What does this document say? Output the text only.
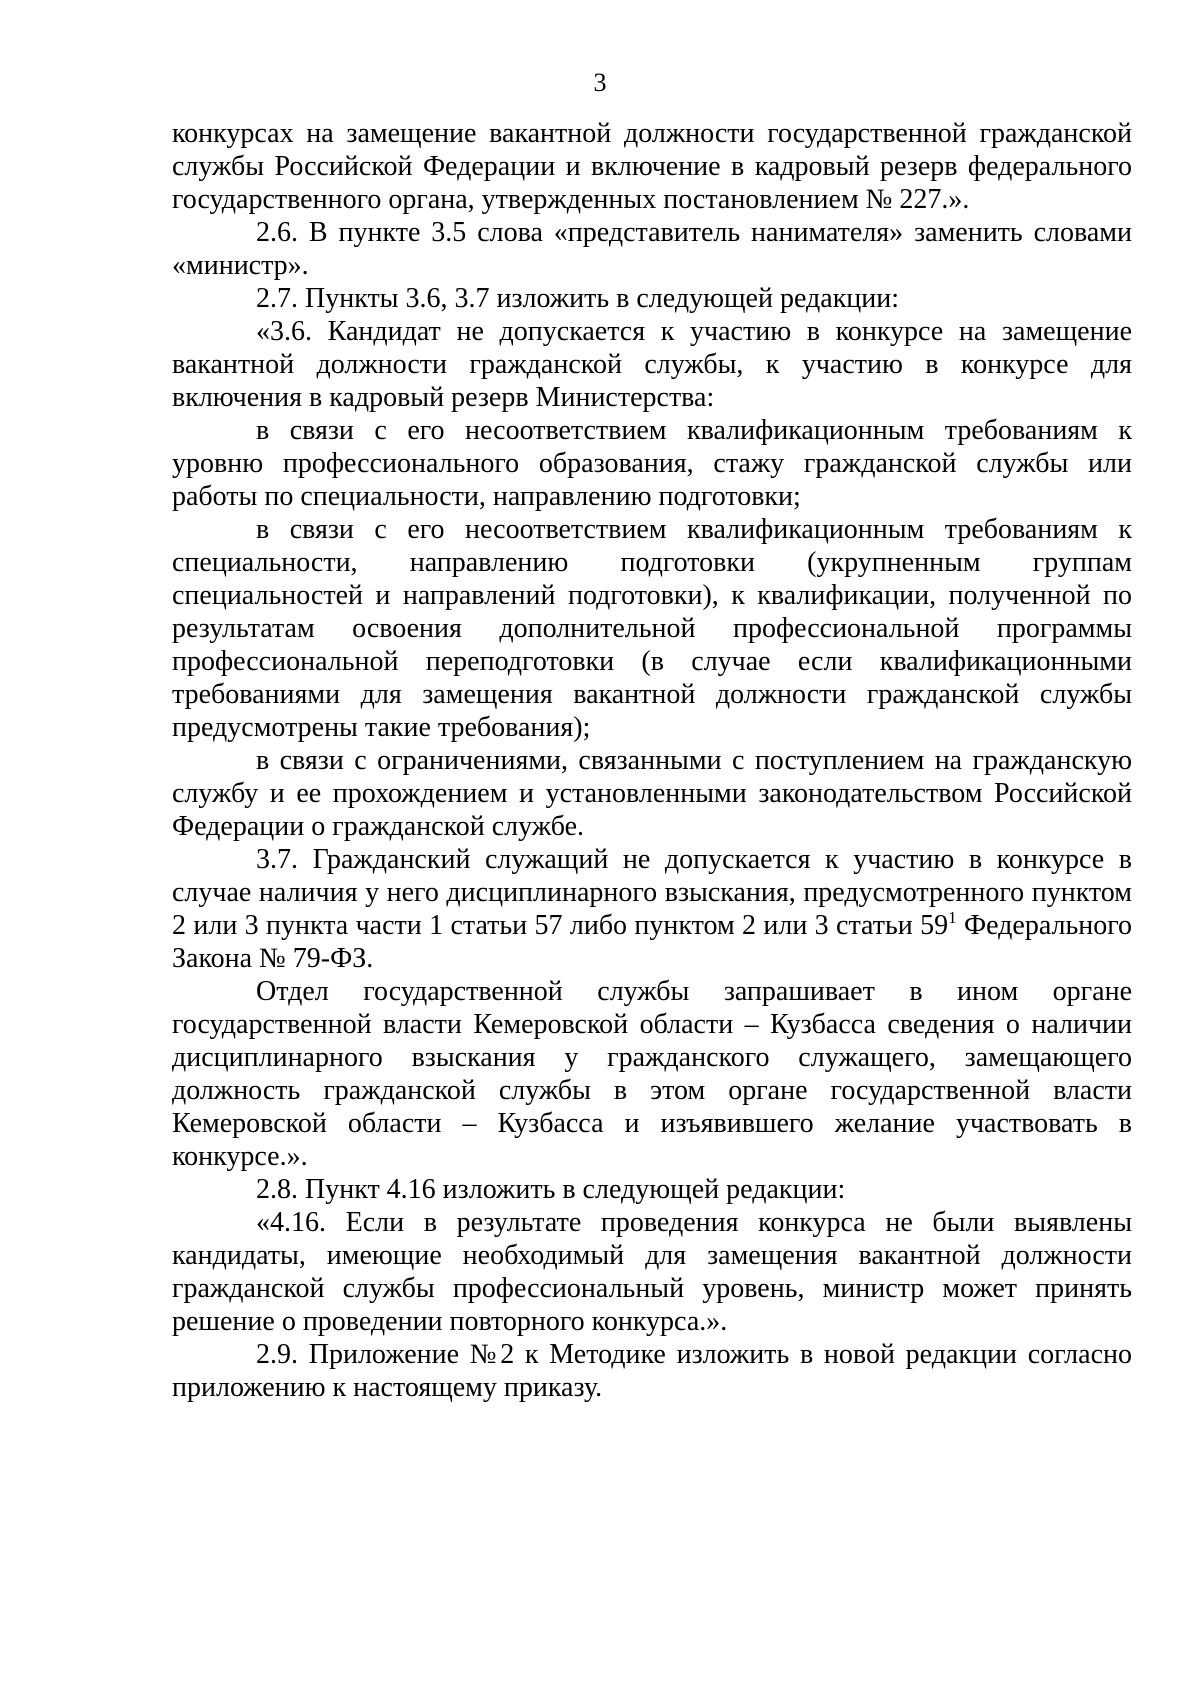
3

конкурсах на замещение вакантной должности государственной гражданской службы Российской Федерации и включение в кадровый резерв федерального государственного органа, утвержденных постановлением № 227.».

2.6. В пункте 3.5 слова «представитель нанимателя» заменить словами «министр».

2.7. Пункты 3.6, 3.7 изложить в следующей редакции:

«3.6. Кандидат не допускается к участию в конкурсе на замещение вакантной должности гражданской службы, к участию в конкурсе для включения в кадровый резерв Министерства:

в связи с его несоответствием квалификационным требованиям к уровню профессионального образования, стажу гражданской службы или работы по специальности, направлению подготовки;

в связи с его несоответствием квалификационным требованиям к специальности, направлению подготовки (укрупненным группам специальностей и направлений подготовки), к квалификации, полученной по результатам освоения дополнительной профессиональной программы профессиональной переподготовки (в случае если квалификационными требованиями для замещения вакантной должности гражданской службы предусмотрены такие требования);

в связи с ограничениями, связанными с поступлением на гражданскую службу и ее прохождением и установленными законодательством Российской Федерации о гражданской службе.

3.7. Гражданский служащий не допускается к участию в конкурсе в случае наличия у него дисциплинарного взыскания, предусмотренного пунктом 2 или 3 пункта части 1 статьи 57 либо пунктом 2 или 3 статьи $59^1$ Федерального Закона № 79-ФЗ.

Отдел государственной службы запрашивает в ином органе государственной власти Кемеровской области – Кузбасса сведения о наличии дисциплинарного взыскания у гражданского служащего, замещающего должность гражданской службы в этом органе государственной власти Кемеровской области – Кузбасса и изъявившего желание участвовать в конкурсе.».

2.8. Пункт 4.16 изложить в следующей редакции:

«4.16. Если в результате проведения конкурса не были выявлены кандидаты, имеющие необходимый для замещения вакантной должности гражданской службы профессиональный уровень, министр может принять решение о проведении повторного конкурса.».

2.9. Приложение №2 к Методике изложить в новой редакции согласно приложению к настоящему приказу.
